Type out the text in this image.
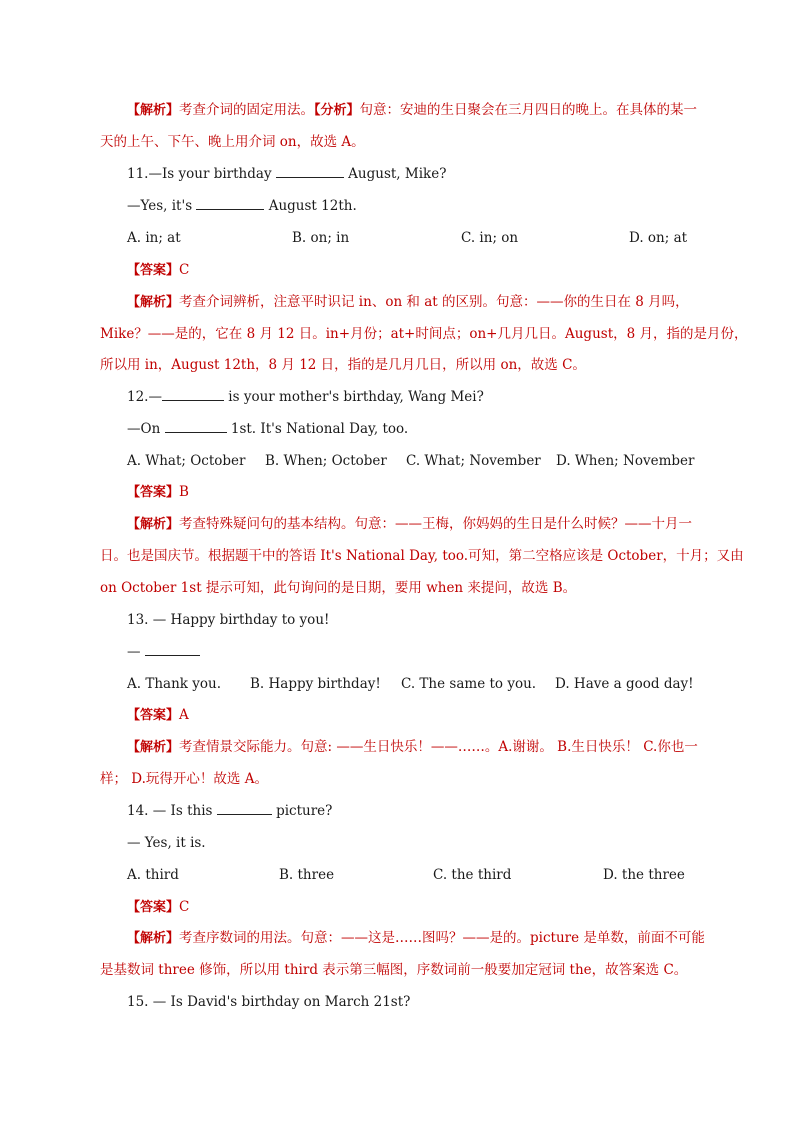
【解析】考查介词的固定用法。【分析】句意：安迪的生日聚会在三月四日的晚上。在具体的某一
天的上午、下午、晚上用介词 on，故选 A。
11.—Is your birthday	August, Mike?
—Yes, it's	August 12th.
A. in; at	B. on; in	C. in; on	D. on; at
【答案】C
【解析】考查介词辨析，注意平时识记 in、on 和 at 的区别。句意：——你的生日在 8 月吗，
Mike？——是的，它在 8 月 12 日。in+月份；at+时间点；on+几月几日。August，8 月，指的是月份，
所以用 in，August 12th，8 月 12 日，指的是几月几日，所以用 on，故选 C。
12.—	is your mother's birthday, Wang Mei?
—On	1st. It's National Day, too.
A. What; October B. When; October C. What; November D. When; November
【答案】B
【解析】考查特殊疑问句的基本结构。句意：——王梅，你妈妈的生日是什么时候？——十月一
日。也是国庆节。根据题干中的答语 It's National Day, too.可知，第二空格应该是 October，十月；又由
on October 1st 提示可知，此句询问的是日期，要用 when 来提问，故选 B。
13. — Happy birthday to you!
—
A. Thank you. B. Happy birthday! C. The same to you. D. Have a good day!
【答案】A
【解析】考查情景交际能力。句意: ——生日快乐！——……。A.谢谢。 B.生日快乐！ C.你也一
样； D.玩得开心！故选 A。
14. — Is this	picture?
— Yes, it is.
A. third	B. three	C. the third	D. the three
【答案】C
【解析】考查序数词的用法。句意：——这是……图吗？——是的。picture 是单数，前面不可能
是基数词 three 修饰，所以用 third 表示第三幅图，序数词前一般要加定冠词 the，故答案选 C。
15. — Is David's birthday on March 21st?
